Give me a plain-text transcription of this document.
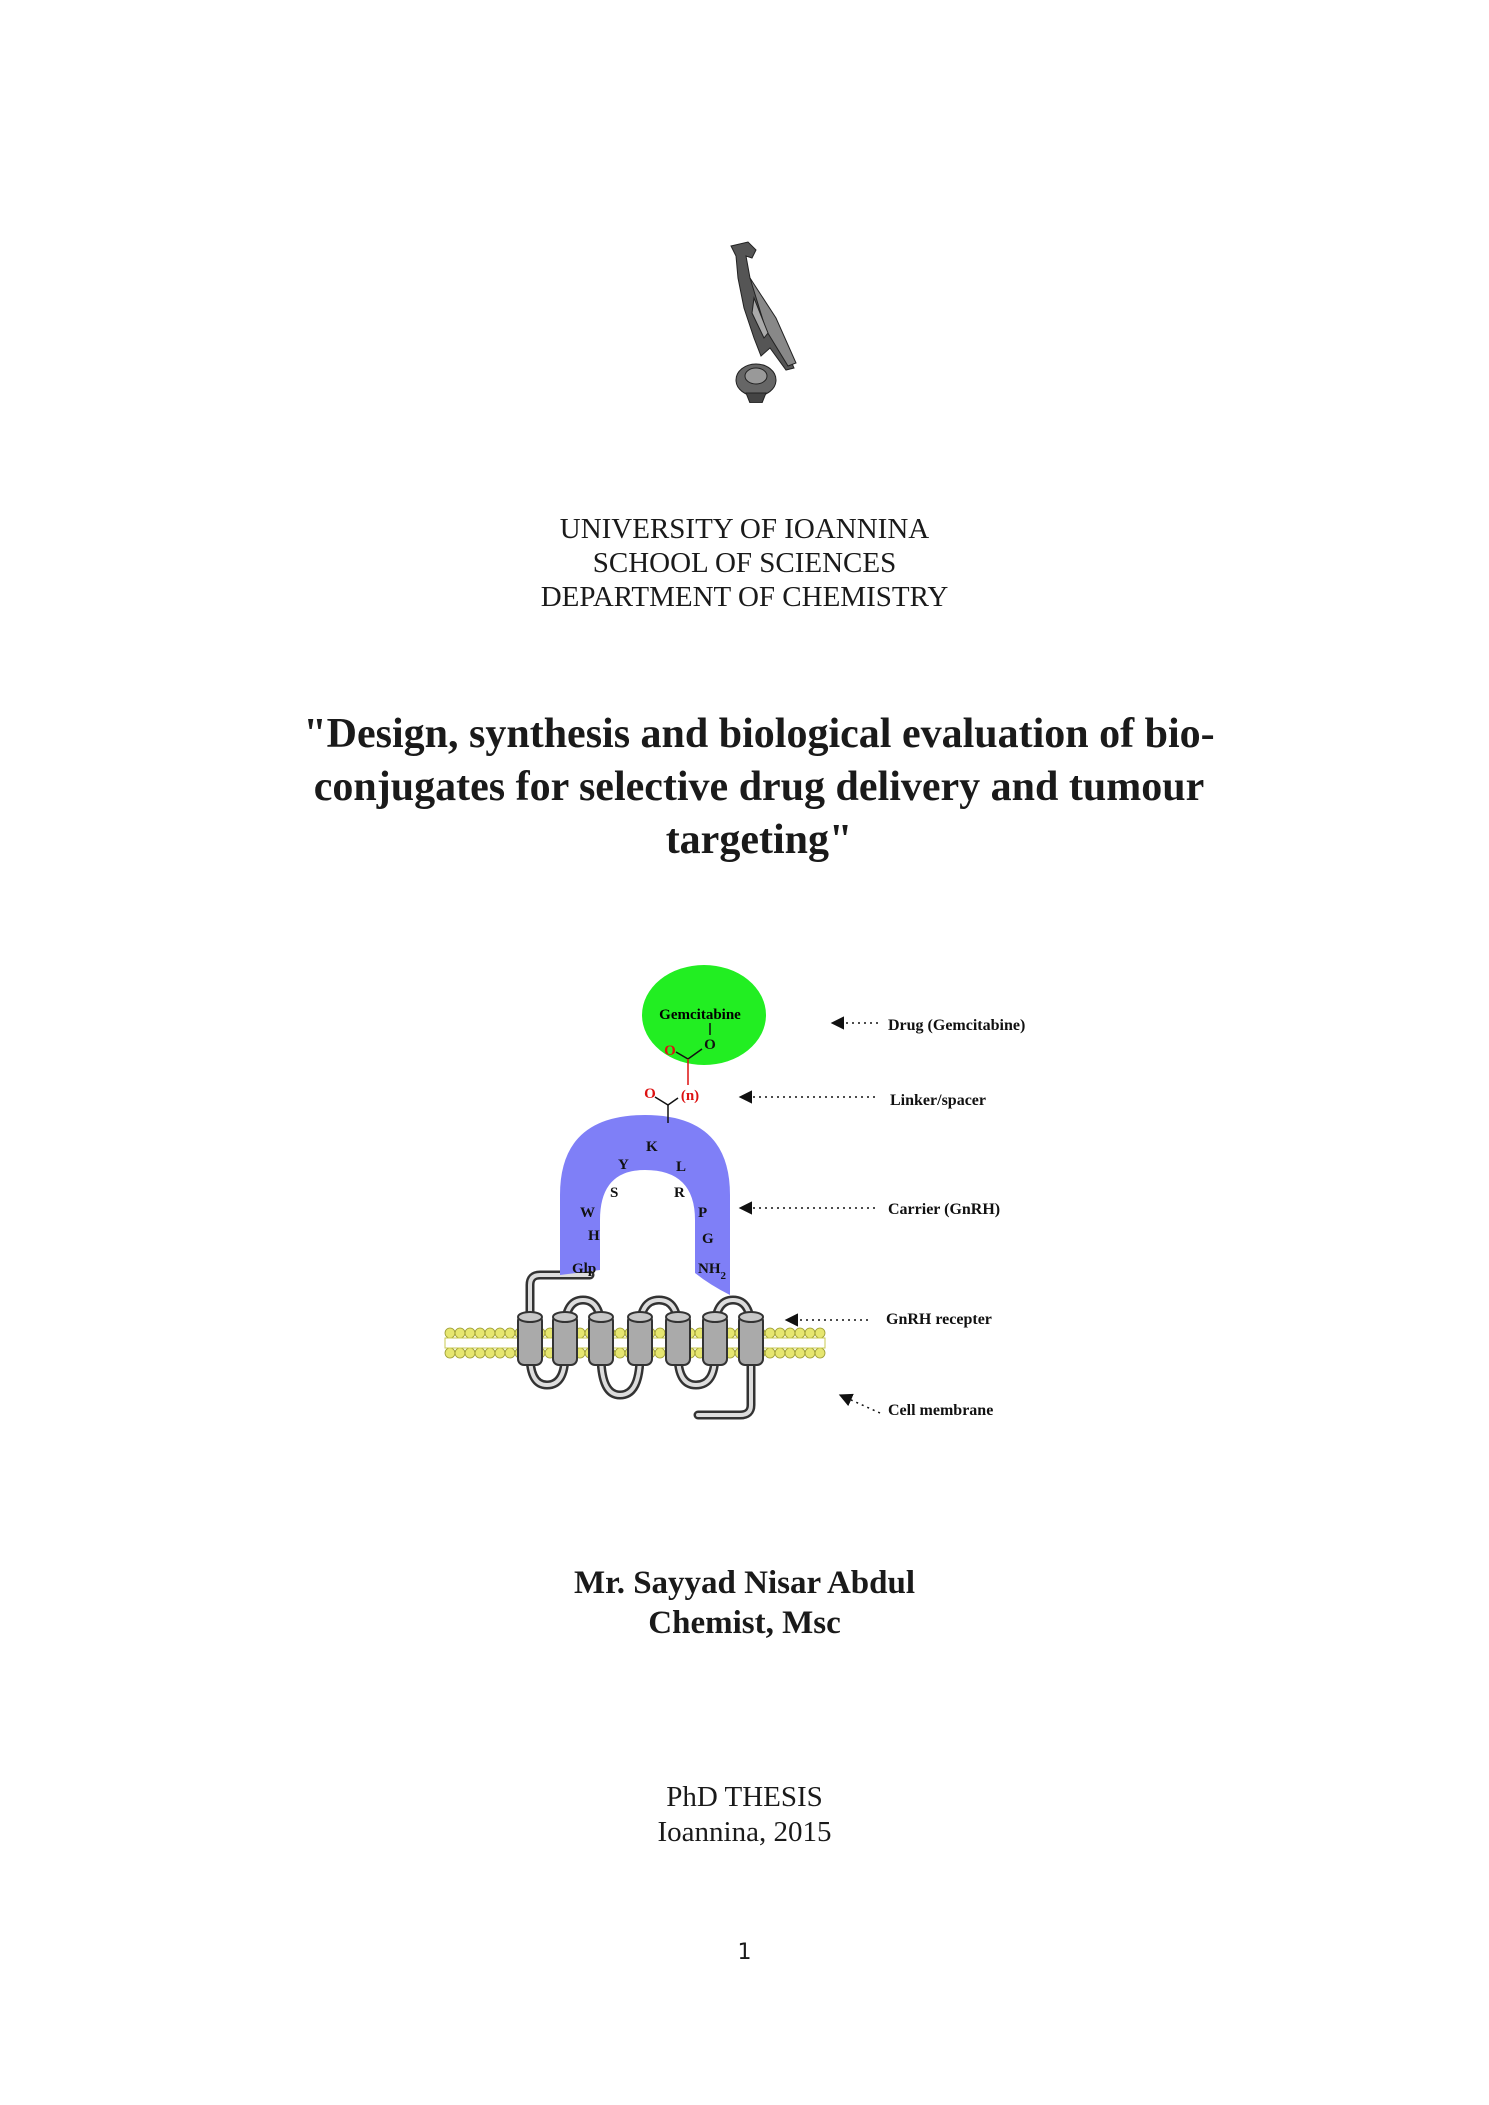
UNIVERSITY OF IOANNINA
SCHOOL OF SCIENCES
DEPARTMENT OF CHEMISTRY
"Design, synthesis and biological evaluation of bio-conjugates for selective drug delivery and tumour targeting"
Gemcitabine
O
O
O (n)
Glp
H
W
S
Y
K
L
R
P
G
$NH_2$
Drug (Gemcitabine)
Linker/spacer
Carrier (GnRH)
GnRH recepter
Cell membrane
Mr. Sayyad Nisar Abdul
Chemist, Msc
PhD THESIS
Ioannina, 2015
1
